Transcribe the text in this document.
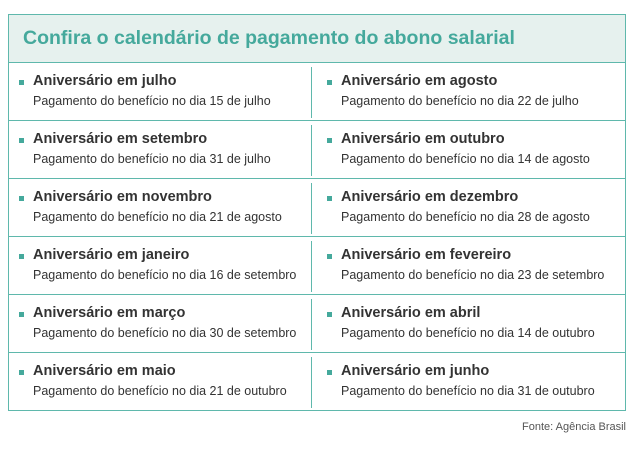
Confira o calendário de pagamento do abono salarial
Aniversário em julho
Pagamento do benefício no dia 15 de julho
Aniversário em agosto
Pagamento do benefício no dia 22 de julho
Aniversário em setembro
Pagamento do benefício no dia 31 de julho
Aniversário em outubro
Pagamento do benefício no dia 14 de agosto
Aniversário em novembro
Pagamento do benefício no dia 21 de agosto
Aniversário em dezembro
Pagamento do benefício no dia 28 de agosto
Aniversário em janeiro
Pagamento do benefício no dia 16 de setembro
Aniversário em fevereiro
Pagamento do benefício no dia 23 de setembro
Aniversário em março
Pagamento do benefício no dia 30 de setembro
Aniversário em abril
Pagamento do benefício no dia 14 de outubro
Aniversário em maio
Pagamento do benefício no dia 21 de outubro
Aniversário em junho
Pagamento do benefício no dia 31 de outubro
Fonte: Agência Brasil
